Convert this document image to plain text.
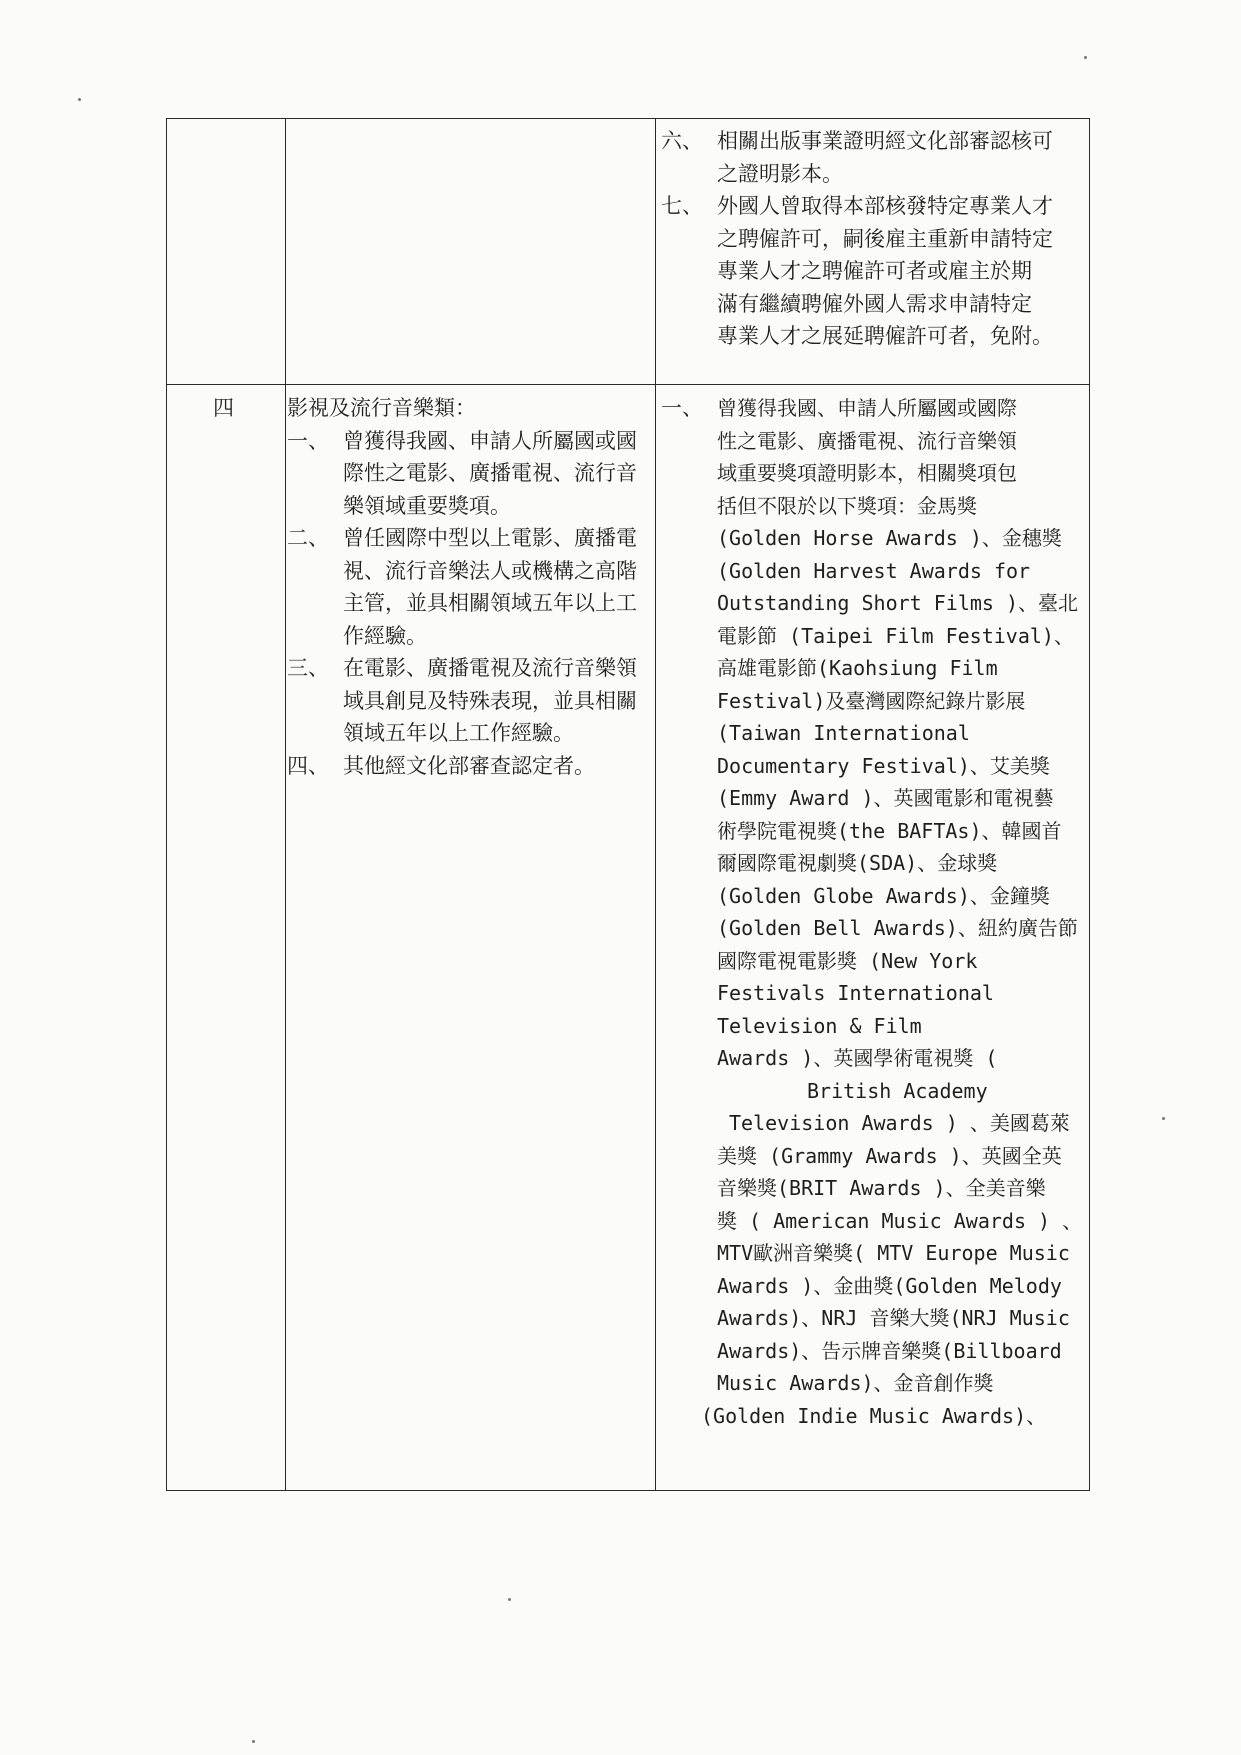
六、 相關出版事業證明經文化部審認核可
之證明影本。
七、 外國人曾取得本部核發特定專業人才
之聘僱許可，嗣後雇主重新申請特定
專業人才之聘僱許可者或雇主於期
滿有繼續聘僱外國人需求申請特定
專業人才之展延聘僱許可者，免附。
四	影視及流行音樂類：
一、 曾獲得我國、申請人所屬國或國
際性之電影、廣播電視、流行音
樂領域重要獎項。
二、 曾任國際中型以上電影、廣播電
視、流行音樂法人或機構之高階
主管，並具相關領域五年以上工
作經驗。
三、 在電影、廣播電視及流行音樂領
域具創見及特殊表現，並具相關
領域五年以上工作經驗。
四、 其他經文化部審查認定者。
一、 曾獲得我國、申請人所屬國或國際
性之電影、廣播電視、流行音樂領
域重要獎項證明影本，相關獎項包
括但不限於以下獎項：金馬獎
(Golden Horse Awards )、金穗獎
(Golden Harvest Awards for
Outstanding Short Films )、臺北
電影節 (Taipei Film Festival)、
高雄電影節(Kaohsiung Film
Festival)及臺灣國際紀錄片影展
(Taiwan International
Documentary Festival)、艾美獎
(Emmy Award )、英國電影和電視藝
術學院電視獎(the BAFTAs)、韓國首
爾國際電視劇獎(SDA)、金球獎
(Golden Globe Awards)、金鐘獎
(Golden Bell Awards)、紐約廣告節
國際電視電影獎 (New York
Festivals International
Television & Film
Awards )、英國學術電視獎 (
British Academy
Television Awards ) 、美國葛萊
美獎 (Grammy Awards )、英國全英
音樂獎(BRIT Awards )、全美音樂
獎 ( American Music Awards ) 、
MTV歐洲音樂獎( MTV Europe Music
Awards )、金曲獎(Golden Melody
Awards)、NRJ 音樂大獎(NRJ Music
Awards)、告示牌音樂獎(Billboard
Music Awards)、金音創作獎
(Golden Indie Music Awards)、
